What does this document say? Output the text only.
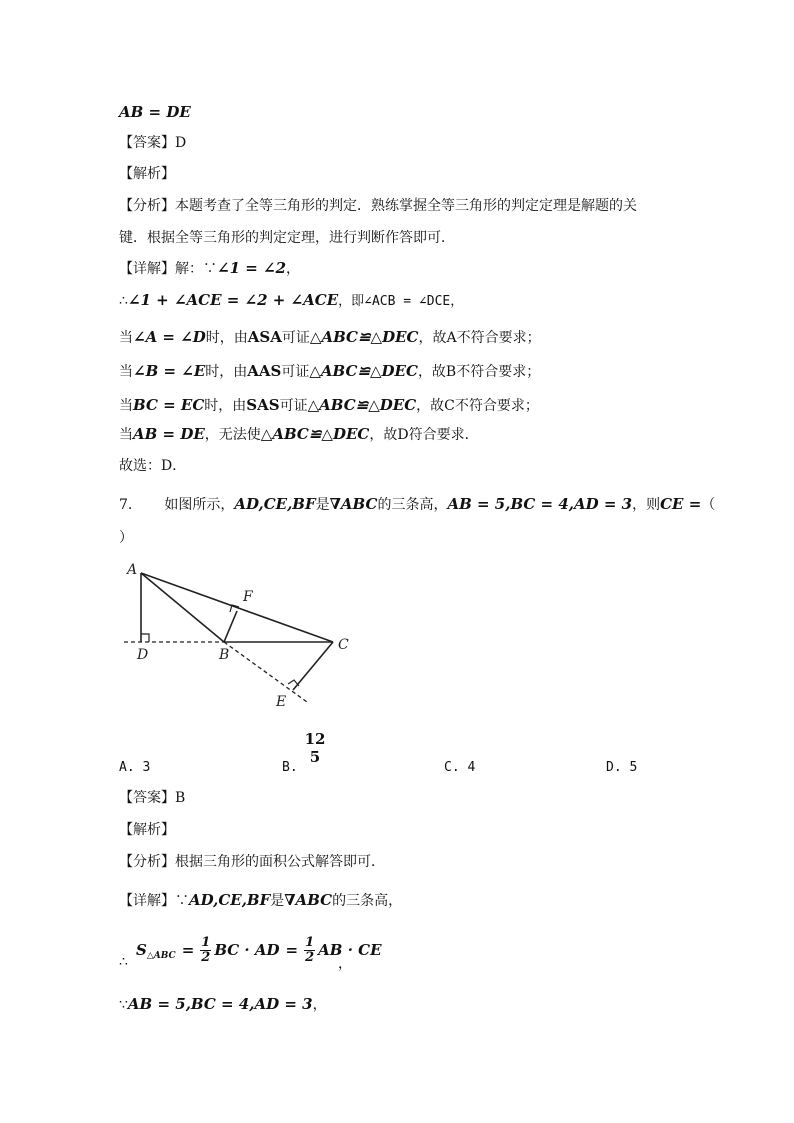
AB = DE
【答案】D
【解析】
【分析】本题考查了全等三角形的判定．熟练掌握全等三角形的判定定理是解题的关
键．根据全等三角形的判定定理，进行判断作答即可．
【详解】解：∵∠1 = ∠2，
∴∠1 + ∠ACE = ∠2 + ∠ACE，即∠ACB = ∠DCE，
当∠A = ∠D时，由ASA可证△ABC≌△DEC，故A不符合要求；
当∠B = ∠E时，由AAS可证△ABC≌△DEC，故B不符合要求；
当BC = EC时，由SAS可证△ABC≌△DEC，故C不符合要求；
当AB = DE，无法使△ABC≌△DEC，故D符合要求．
故选：D．
7. 如图所示，AD,CE,BF是∇ABC的三条高，AB = 5,BC = 4,AD = 3，则CE =（
）
A
D	B
C
F
E
A. 3	B.
12
5
C. 4	D. 5
【答案】B
【解析】
【分析】根据三角形的面积公式解答即可．
【详解】∵AD,CE,BF是∇ABC的三条高，
∴
S △ABC = $\frac{1}{2}$ BC · AD = $\frac{1}{2}$ AB · CE
，
∵AB = 5,BC = 4,AD = 3，
